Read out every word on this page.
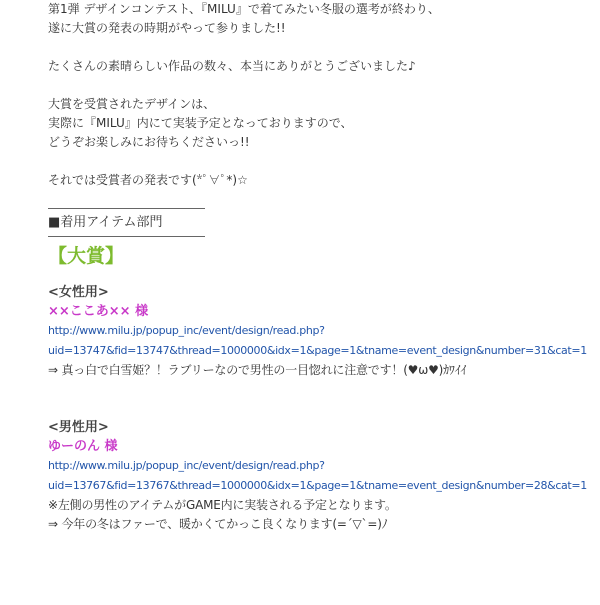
第1弾 デザインコンテスト、『MILU』で着てみたい冬服の選考が終わり、
遂に大賞の発表の時期がやって参りました!!
たくさんの素晴らしい作品の数々、本当にありがとうございました♪
大賞を受賞されたデザインは、
実際に『MILU』内にて実装予定となっておりますので、
どうぞお楽しみにお待ちくださいっ!!
それでは受賞者の発表です(*ﾟ∀ﾟ*)☆
■着用アイテム部門
【大賞】
<女性用>
××ここあ×× 様
http://www.milu.jp/popup_inc/event/design/read.php?
uid=13747&fid=13747&thread=1000000&idx=1&page=1&tname=event_design&number=31&cat=1
⇒ 真っ白で白雪姫？！ラブリーなので男性の一目惚れに注意です！(♥ω♥)ｶﾜｲｲ
<男性用>
ゆーのん 様
http://www.milu.jp/popup_inc/event/design/read.php?
uid=13767&fid=13767&thread=1000000&idx=1&page=1&tname=event_design&number=28&cat=1
※左側の男性のアイテムがGAME内に実装される予定となります。
⇒ 今年の冬はファーで、暖かくてかっこ良くなります(=´▽`=)ﾉ
